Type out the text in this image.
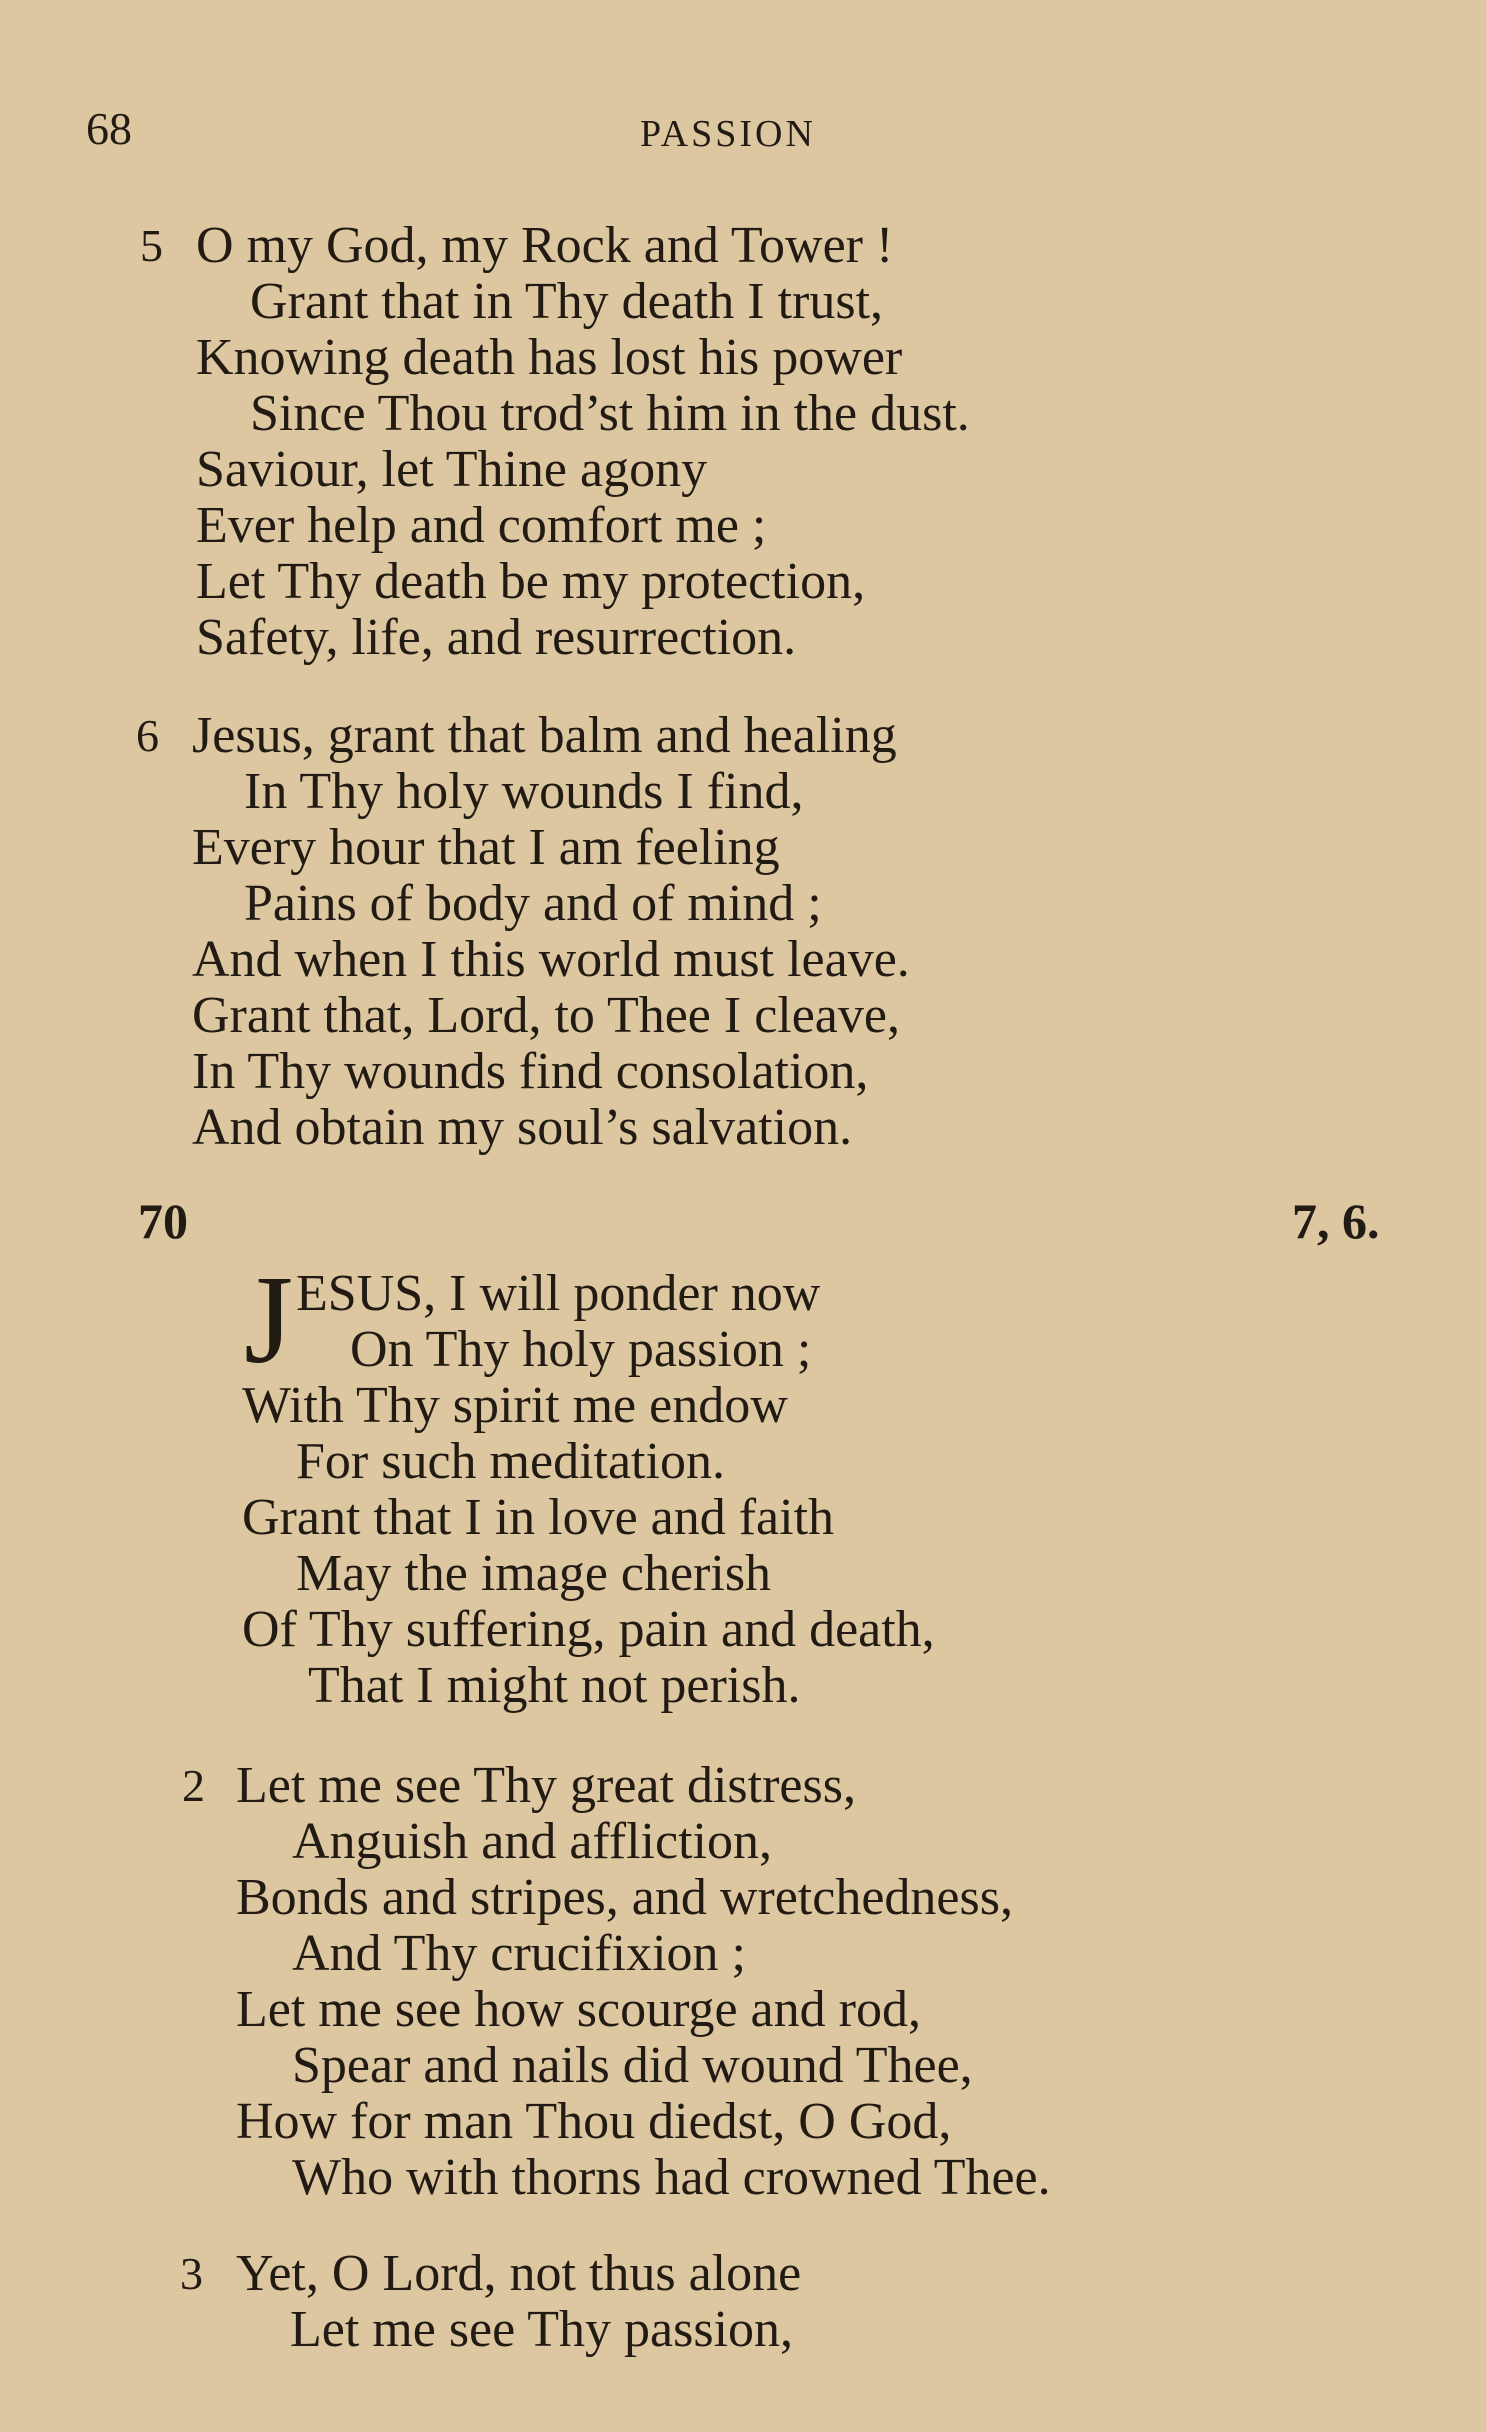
68	PASSION
5 O my God, my Rock and Tower !
Grant that in Thy death I trust,
Knowing death has lost his power
Since Thou trod’st him in the dust.
Saviour, let Thine agony
Ever help and comfort me ;
Let Thy death be my protection,
Safety, life, and resurrection.
6 Jesus, grant that balm and healing
In Thy holy wounds I find,
Every hour that I am feeling
Pains of body and of mind ;
And when I this world must leave.
Grant that, Lord, to Thee I cleave,
In Thy wounds find consolation,
And obtain my soul’s salvation.
70	7, 6.
J ESUS, I will ponder now
On Thy holy passion ;
With Thy spirit me endow
For such meditation.
Grant that I in love and faith
May the image cherish
Of Thy suffering, pain and death,
That I might not perish.
2 Let me see Thy great distress,
Anguish and affliction,
Bonds and stripes, and wretchedness,
And Thy crucifixion ;
Let me see how scourge and rod,
Spear and nails did wound Thee,
How for man Thou diedst, O God,
Who with thorns had crowned Thee.
3 Yet, O Lord, not thus alone
Let me see Thy passion,
